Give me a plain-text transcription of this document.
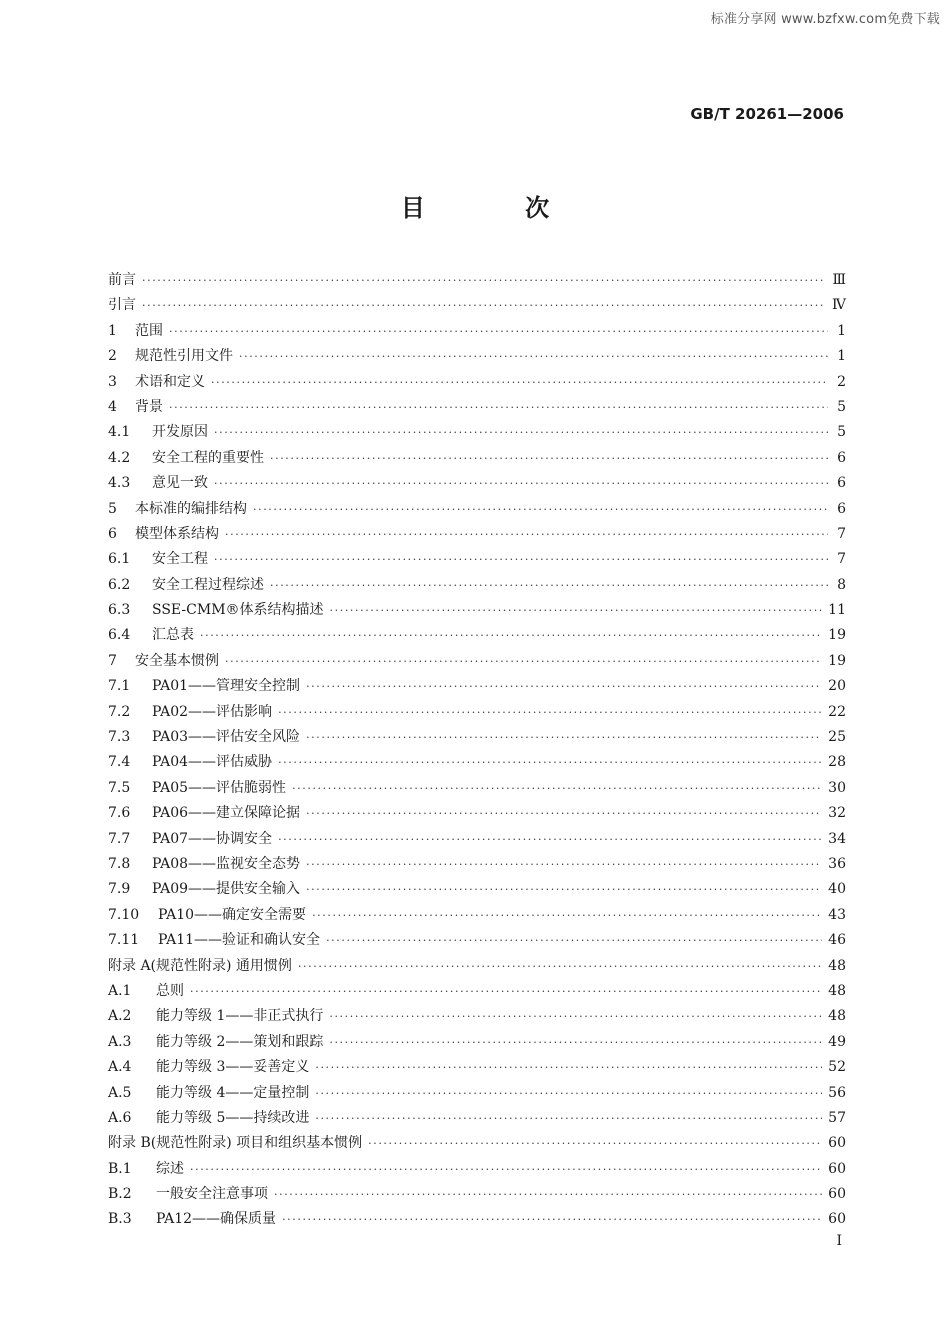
标准分享网 www.bzfxw.com免费下载
GB/T 20261—2006
目 次
前言 ·····	Ⅲ
引言 ·····	Ⅳ
1	范围 ·····	1
2	规范性引用文件 ·····	1
3	术语和定义 ·····	2
4	背景 ·····	5
4.1	开发原因 ·····	5
4.2	安全工程的重要性 ·····	6
4.3	意见一致 ·····	6
5	本标准的编排结构 ·····	6
6	模型体系结构 ·····	7
6.1	安全工程 ·····	7
6.2	安全工程过程综述 ·····	8
6.3	SSE-CMM®体系结构描述 ·····	11
6.4	汇总表 ·····	19
7	安全基本惯例 ·····	19
7.1	PA01——管理安全控制 ·····	20
7.2	PA02——评估影响 ·····	22
7.3	PA03——评估安全风险 ·····	25
7.4	PA04——评估威胁 ·····	28
7.5	PA05——评估脆弱性 ·····	30
7.6	PA06——建立保障论据 ·····	32
7.7	PA07——协调安全 ·····	34
7.8	PA08——监视安全态势 ·····	36
7.9	PA09——提供安全输入 ·····	40
7.10	PA10——确定安全需要 ·····	43
7.11	PA11——验证和确认安全 ·····	46
附录 A(规范性附录) 通用惯例 ·····	48
A.1	总则 ·····	48
A.2	能力等级 1——非正式执行 ·····	48
A.3	能力等级 2——策划和跟踪 ·····	49
A.4	能力等级 3——妥善定义 ·····	52
A.5	能力等级 4——定量控制 ·····	56
A.6	能力等级 5——持续改进 ·····	57
附录 B(规范性附录) 项目和组织基本惯例 ·····	60
B.1	综述 ·····	60
B.2	一般安全注意事项 ·····	60
B.3	PA12——确保质量 ·····	60
I
